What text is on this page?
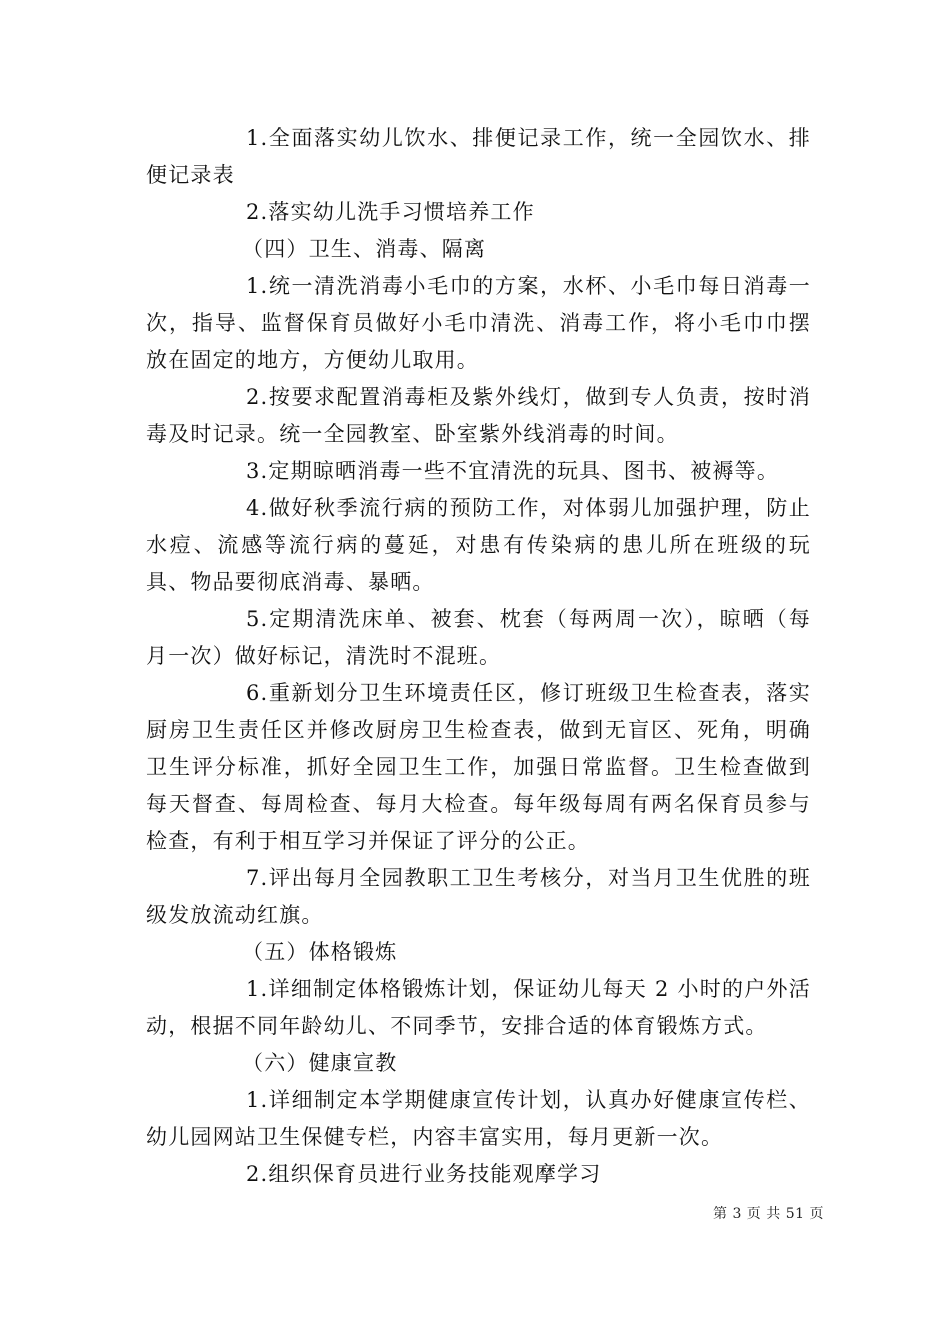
1.全面落实幼儿饮水、排便记录工作，统一全园饮水、排便记录表

2.落实幼儿洗手习惯培养工作

（四）卫生、消毒、隔离

1.统一清洗消毒小毛巾的方案，水杯、小毛巾每日消毒一次，指导、监督保育员做好小毛巾清洗、消毒工作，将小毛巾巾摆放在固定的地方，方便幼儿取用。

2.按要求配置消毒柜及紫外线灯，做到专人负责，按时消毒及时记录。统一全园教室、卧室紫外线消毒的时间。

3.定期晾晒消毒一些不宜清洗的玩具、图书、被褥等。

4.做好秋季流行病的预防工作，对体弱儿加强护理，防止水痘、流感等流行病的蔓延，对患有传染病的患儿所在班级的玩具、物品要彻底消毒、暴晒。

5.定期清洗床单、被套、枕套（每两周一次），晾晒（每月一次）做好标记，清洗时不混班。

6.重新划分卫生环境责任区，修订班级卫生检查表，落实厨房卫生责任区并修改厨房卫生检查表，做到无盲区、死角，明确卫生评分标准，抓好全园卫生工作，加强日常监督。卫生检查做到每天督查、每周检查、每月大检查。每年级每周有两名保育员参与检查，有利于相互学习并保证了评分的公正。

7.评出每月全园教职工卫生考核分，对当月卫生优胜的班级发放流动红旗。

（五）体格锻炼

1.详细制定体格锻炼计划，保证幼儿每天 2 小时的户外活动，根据不同年龄幼儿、不同季节，安排合适的体育锻炼方式。

（六）健康宣教

1.详细制定本学期健康宣传计划，认真办好健康宣传栏、幼儿园网站卫生保健专栏，内容丰富实用，每月更新一次。

2.组织保育员进行业务技能观摩学习

第 3 页 共 51 页
